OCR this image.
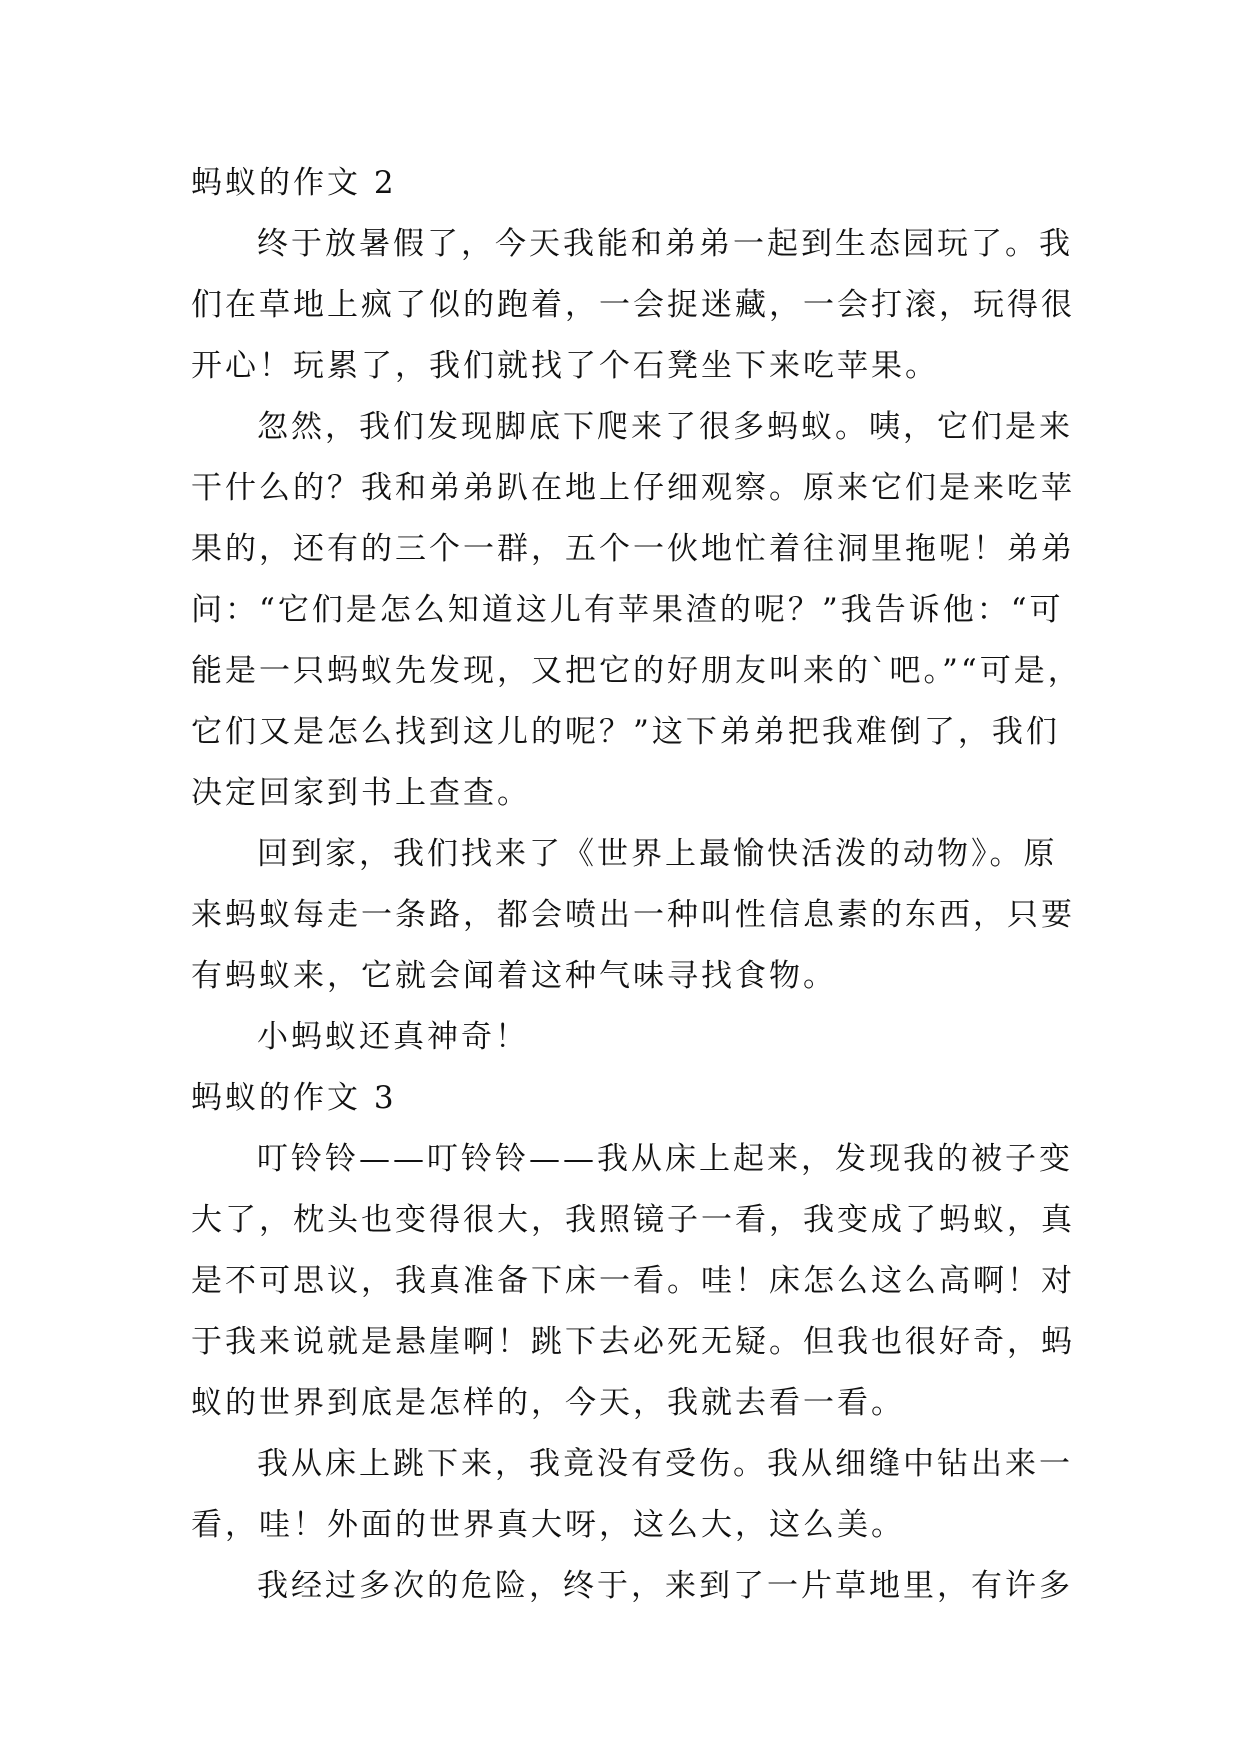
蚂蚁的作文 2
终于放暑假了，今天我能和弟弟一起到生态园玩了。我
们在草地上疯了似的跑着，一会捉迷藏，一会打滚，玩得很
开心！玩累了，我们就找了个石凳坐下来吃苹果。
忽然，我们发现脚底下爬来了很多蚂蚁。咦，它们是来
干什么的？我和弟弟趴在地上仔细观察。原来它们是来吃苹
果的，还有的三个一群，五个一伙地忙着往洞里拖呢！弟弟
问：“它们是怎么知道这儿有苹果渣的呢？”我告诉他：“可
能是一只蚂蚁先发现，又把它的好朋友叫来的`吧。”“可是，
它们又是怎么找到这儿的呢？”这下弟弟把我难倒了，我们
决定回家到书上查查。
回到家，我们找来了《世界上最愉快活泼的动物》。原
来蚂蚁每走一条路，都会喷出一种叫性信息素的东西，只要
有蚂蚁来，它就会闻着这种气味寻找食物。
小蚂蚁还真神奇！
蚂蚁的作文 3
叮铃铃——叮铃铃——我从床上起来，发现我的被子变
大了，枕头也变得很大，我照镜子一看，我变成了蚂蚁，真
是不可思议，我真准备下床一看。哇！床怎么这么高啊！对
于我来说就是悬崖啊！跳下去必死无疑。但我也很好奇，蚂
蚁的世界到底是怎样的，今天，我就去看一看。
我从床上跳下来，我竟没有受伤。我从细缝中钻出来一
看，哇！外面的世界真大呀，这么大，这么美。
我经过多次的危险，终于，来到了一片草地里，有许多
